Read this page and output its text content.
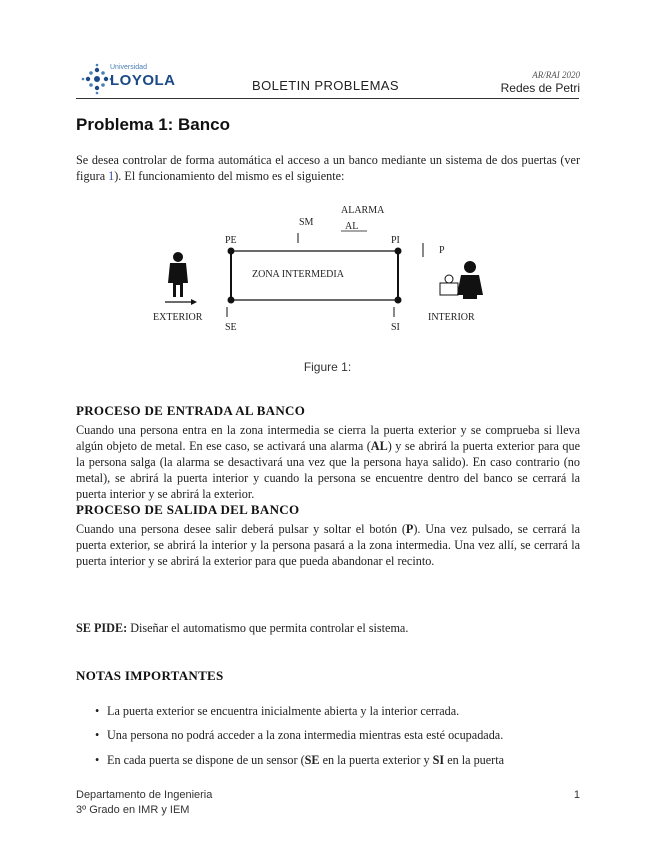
Universidad
LOYOLA	BOLETIN PROBLEMAS
AR/RAI 2020
Redes de Petri
Problema 1: Banco
Se desea controlar de forma automática el acceso a un banco mediante un sistema de dos puertas (ver figura 1). El funcionamiento del mismo es el siguiente:
SM
ALARMA
AL
PE	PI
P
ZONA INTERMEDIA
EXTERIOR	INTERIOR
SE	SI
Figure 1:
PROCESO DE ENTRADA AL BANCO
Cuando una persona entra en la zona intermedia se cierra la puerta exterior y se comprueba si lleva algún objeto de metal. En ese caso, se activará una alarma (AL) y se abrirá la puerta exterior para que la persona salga (la alarma se desactivará una vez que la persona haya salido). En caso contrario (no metal), se abrirá la puerta interior y cuando la persona se encuentre dentro del banco se cerrará la puerta interior y se abrirá la exterior.
PROCESO DE SALIDA DEL BANCO
Cuando una persona desee salir deberá pulsar y soltar el botón (P). Una vez pulsado, se cerrará la puerta exterior, se abrirá la interior y la persona pasará a la zona intermedia. Una vez allí, se cerrará la puerta interior y se abrirá la exterior para que pueda abandonar el recinto.
SE PIDE: Diseñar el automatismo que permita controlar el sistema.
NOTAS IMPORTANTES
• La puerta exterior se encuentra inicialmente abierta y la interior cerrada.
• Una persona no podrá acceder a la zona intermedia mientras esta esté ocupadada.
• En cada puerta se dispone de un sensor (SE en la puerta exterior y SI en la puerta
Departamento de Ingenieria
3º Grado en IMR y IEM
1
